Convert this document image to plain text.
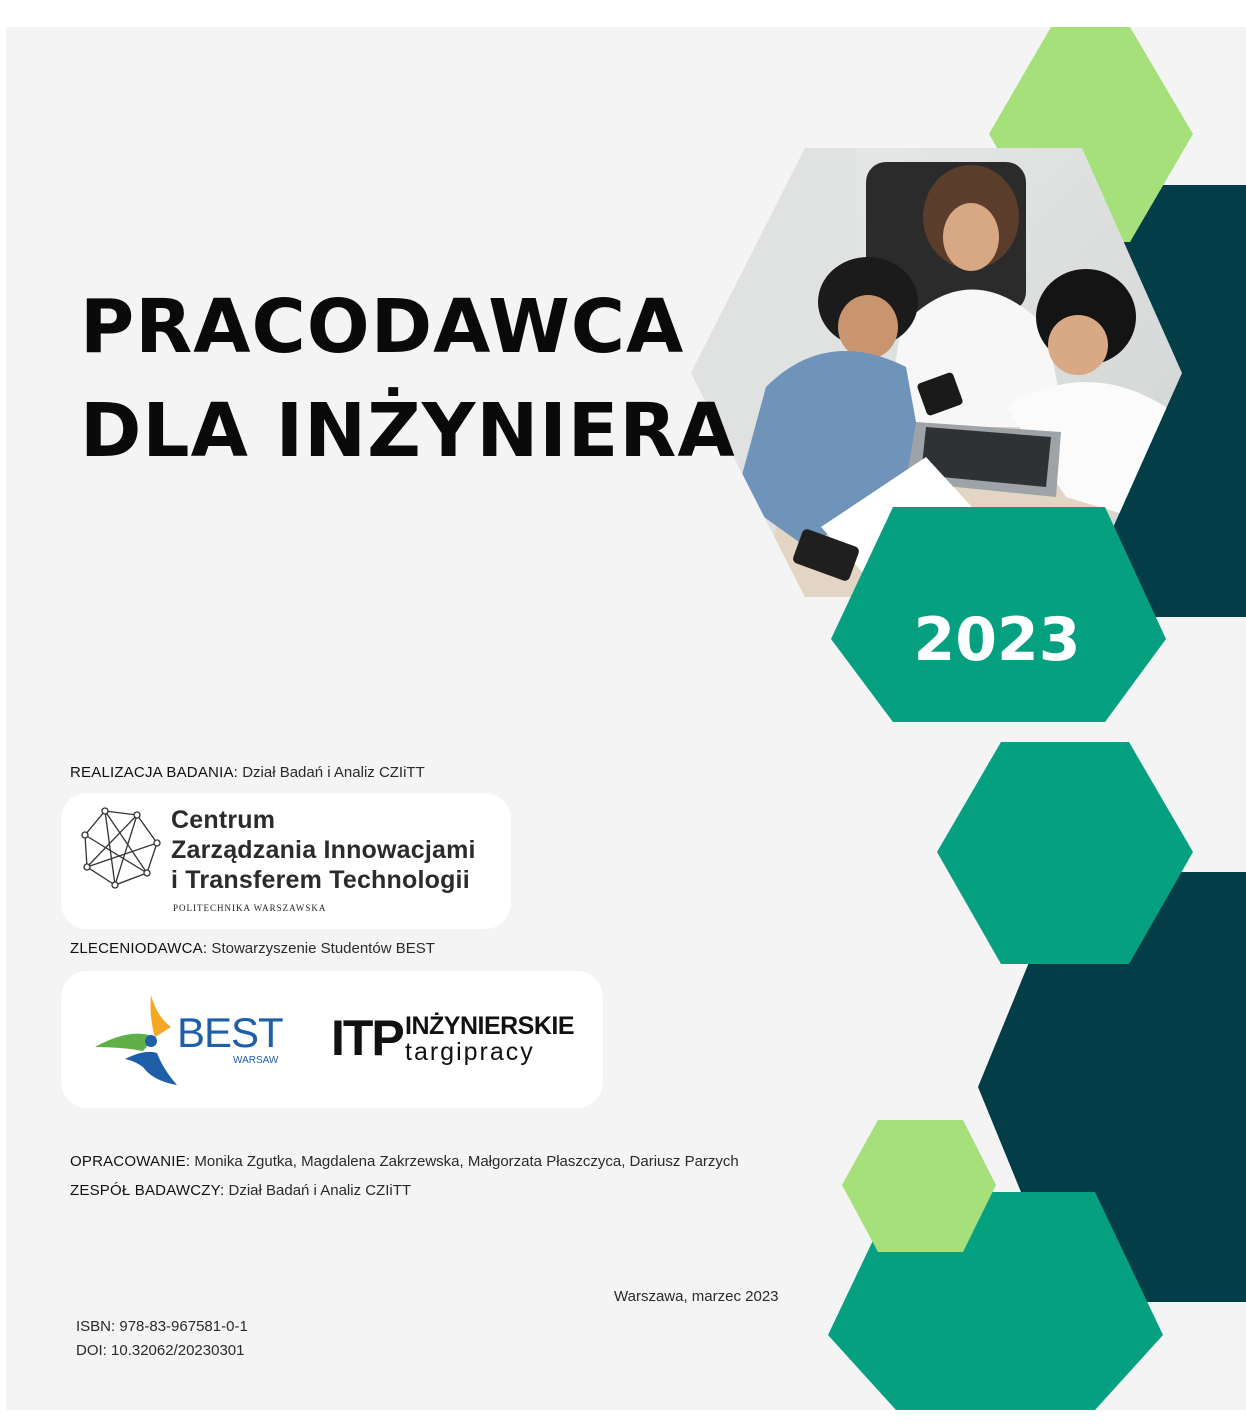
PRACODAWCA
DLA INŻYNIERA
2023
REALIZACJA BADANIA: Dział Badań i Analiz CZIiTT
Centrum
Zarządzania Innowacjami
i Transferem Technologii
POLITECHNIKA WARSZAWSKA
ZLECENIODAWCA: Stowarzyszenie Studentów BEST
BEST
WARSAW ITP INŻYNIERSKIE
targipracy
OPRACOWANIE: Monika Zgutka, Magdalena Zakrzewska, Małgorzata Płaszczyca, Dariusz Parzych
ZESPÓŁ BADAWCZY: Dział Badań i Analiz CZIiTT
Warszawa, marzec 2023
ISBN: 978-83-967581-0-1
DOI: 10.32062/20230301
